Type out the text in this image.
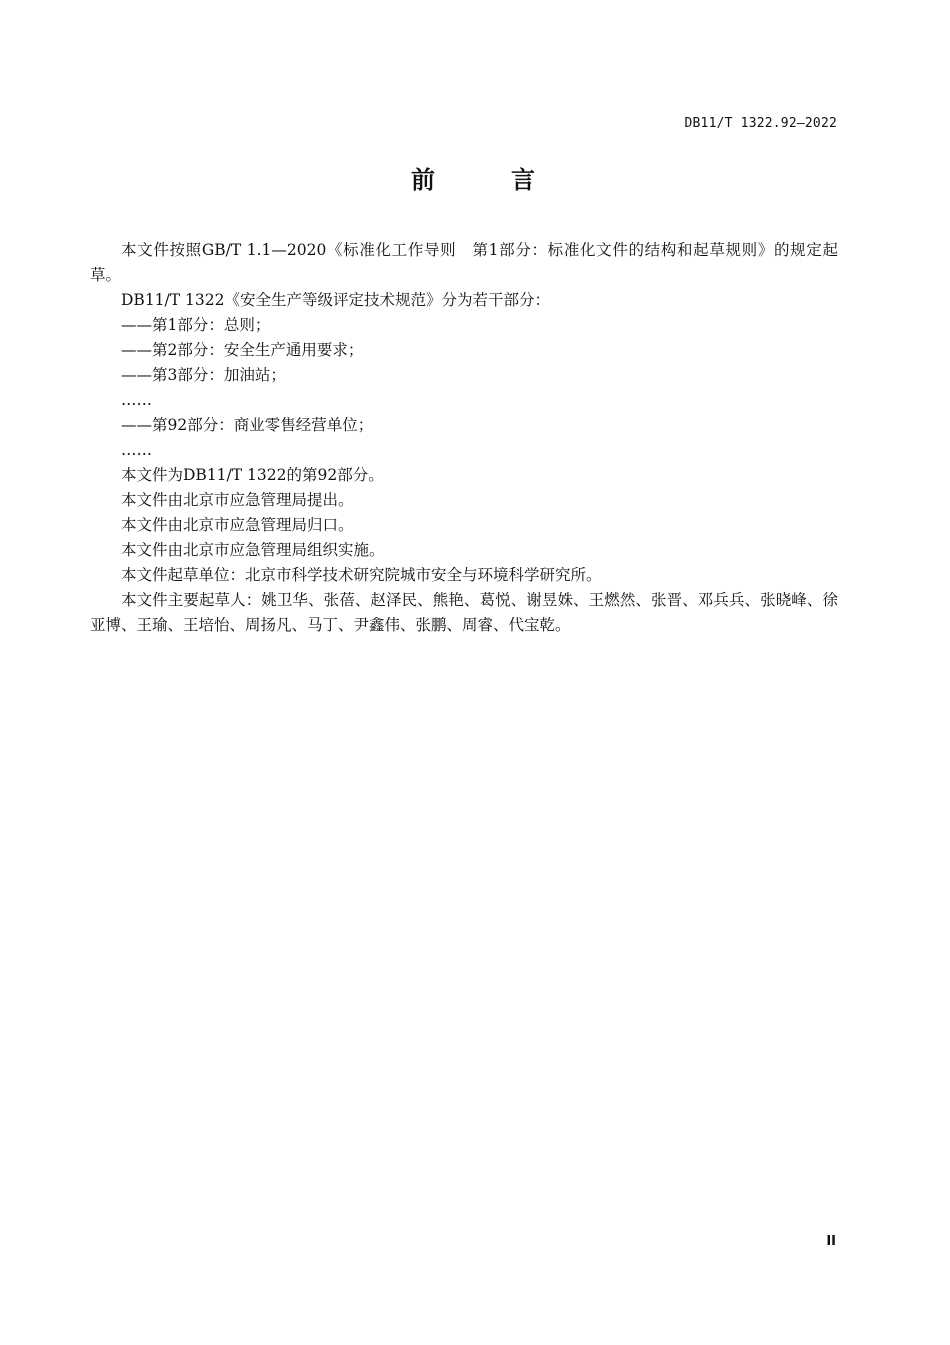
DB11/T 1322.92—2022
前　言

本文件按照GB/T 1.1—2020《标准化工作导则　第1部分：标准化文件的结构和起草规则》的规定起草。

DB11/T 1322《安全生产等级评定技术规范》分为若干部分：

——第1部分：总则；

——第2部分：安全生产通用要求；

——第3部分：加油站；

……

——第92部分：商业零售经营单位；

……

本文件为DB11/T 1322的第92部分。

本文件由北京市应急管理局提出。

本文件由北京市应急管理局归口。

本文件由北京市应急管理局组织实施。

本文件起草单位：北京市科学技术研究院城市安全与环境科学研究所。

本文件主要起草人：姚卫华、张蓓、赵泽民、熊艳、葛悦、谢昱姝、王燃然、张晋、邓兵兵、张晓峰、徐亚博、王瑜、王培怡、周扬凡、马丁、尹鑫伟、张鹏、周睿、代宝乾。

II
